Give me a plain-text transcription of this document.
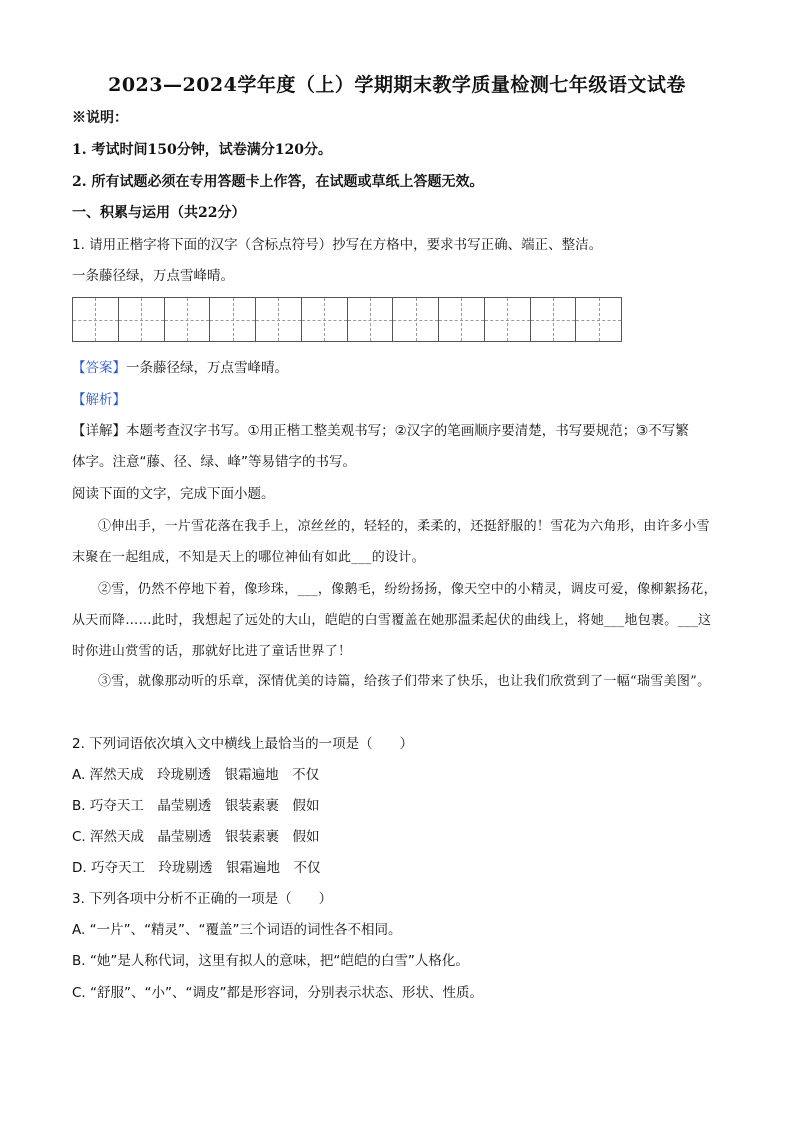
2023—2024学年度（上）学期期末教学质量检测七年级语文试卷
※说明：
1. 考试时间150分钟，试卷满分120分。
2. 所有试题必须在专用答题卡上作答，在试题或草纸上答题无效。
一、积累与运用（共22分）
1. 请用正楷字将下面的汉字（含标点符号）抄写在方格中，要求书写正确、端正、整洁。
一条藤径绿，万点雪峰晴。
【答案】一条藤径绿，万点雪峰晴。
【解析】
【详解】本题考查汉字书写。①用正楷工整美观书写；②汉字的笔画顺序要清楚，书写要规范；③不写繁
体字。注意“藤、径、绿、峰”等易错字的书写。
阅读下面的文字，完成下面小题。
①伸出手，一片雪花落在我手上，凉丝丝的，轻轻的，柔柔的，还挺舒服的！雪花为六角形，由许多小雪末聚在一起组成，不知是天上的哪位神仙有如此___的设计。
②雪，仍然不停地下着，像珍珠，___，像鹅毛，纷纷扬扬，像天空中的小精灵，调皮可爱，像柳絮扬花，从天而降……此时，我想起了远处的大山，皑皑的白雪覆盖在她那温柔起伏的曲线上，将她___地包裹。___这时你进山赏雪的话，那就好比进了童话世界了！
③雪，就像那动听的乐章，深情优美的诗篇，给孩子们带来了快乐，也让我们欣赏到了一幅“瑞雪美图”。
2. 下列词语依次填入文中横线上最恰当的一项是（　　）
A. 浑然天成　玲珑剔透　银霜遍地　不仅
B. 巧夺天工　晶莹剔透　银装素裹　假如
C. 浑然天成　晶莹剔透　银装素裹　假如
D. 巧夺天工　玲珑剔透　银霜遍地　不仅
3. 下列各项中分析不正确的一项是（　　）
A. “一片”、“精灵”、“覆盖”三个词语的词性各不相同。
B. “她”是人称代词，这里有拟人的意味，把“皑皑的白雪”人格化。
C. “舒服”、“小”、“调皮”都是形容词，分别表示状态、形状、性质。
